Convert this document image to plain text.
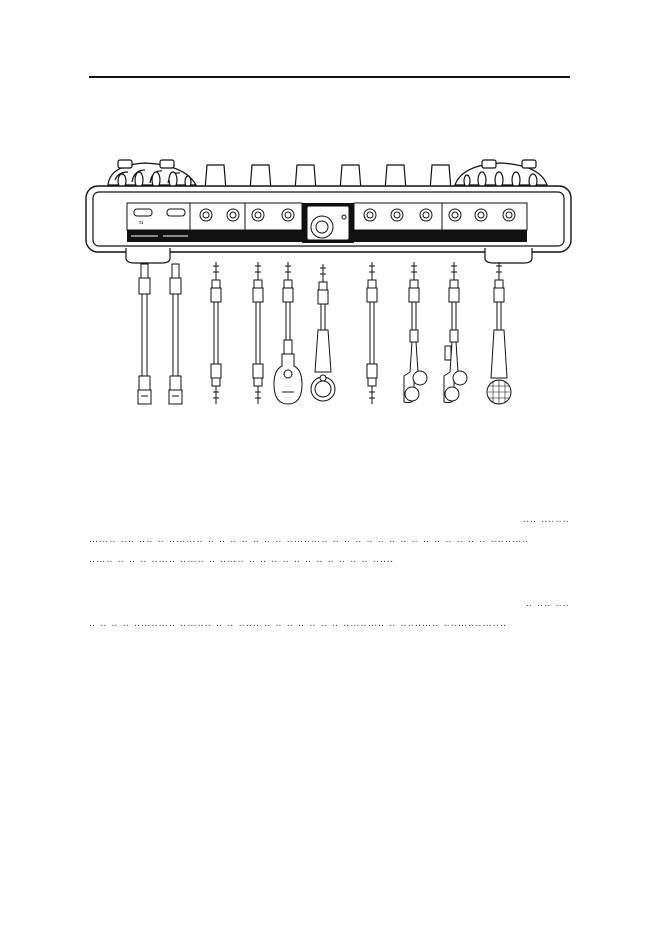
⇆
‥‥ ‥‥‥‥
……‥ ‥‥ ‥‥ ‥ ‥……‥ ‥ ‥ ‥ ‥ ‥ ‥ ‥ ‥…‥…‥ ‥ ‥ ‥ ‥ ‥ ‥ ‥ ‥ ‥ ‥ ‥ ‥ ‥ ‥ ‥‥‥…‥
‥…‥ ‥ ‥ ‥ ‥…‥ ‥…‥ ‥ ‥…‥ ‥ ‥ ‥ ‥ ‥ ‥ ‥ ‥ ‥ ‥ ‥ ‥‥‥
‥ ‥‥ ‥‥
‥ ‥ ‥ ‥ ‥…‥…‥ ‥…‥‥ ‥ ‥ ‥‥‥ ‥ ‥ ‥ ‥ ‥ ‥ ‥ ‥…‥…‥ ‥ ‥‥‥…‥ ‥‥…‥‥…‥‥
